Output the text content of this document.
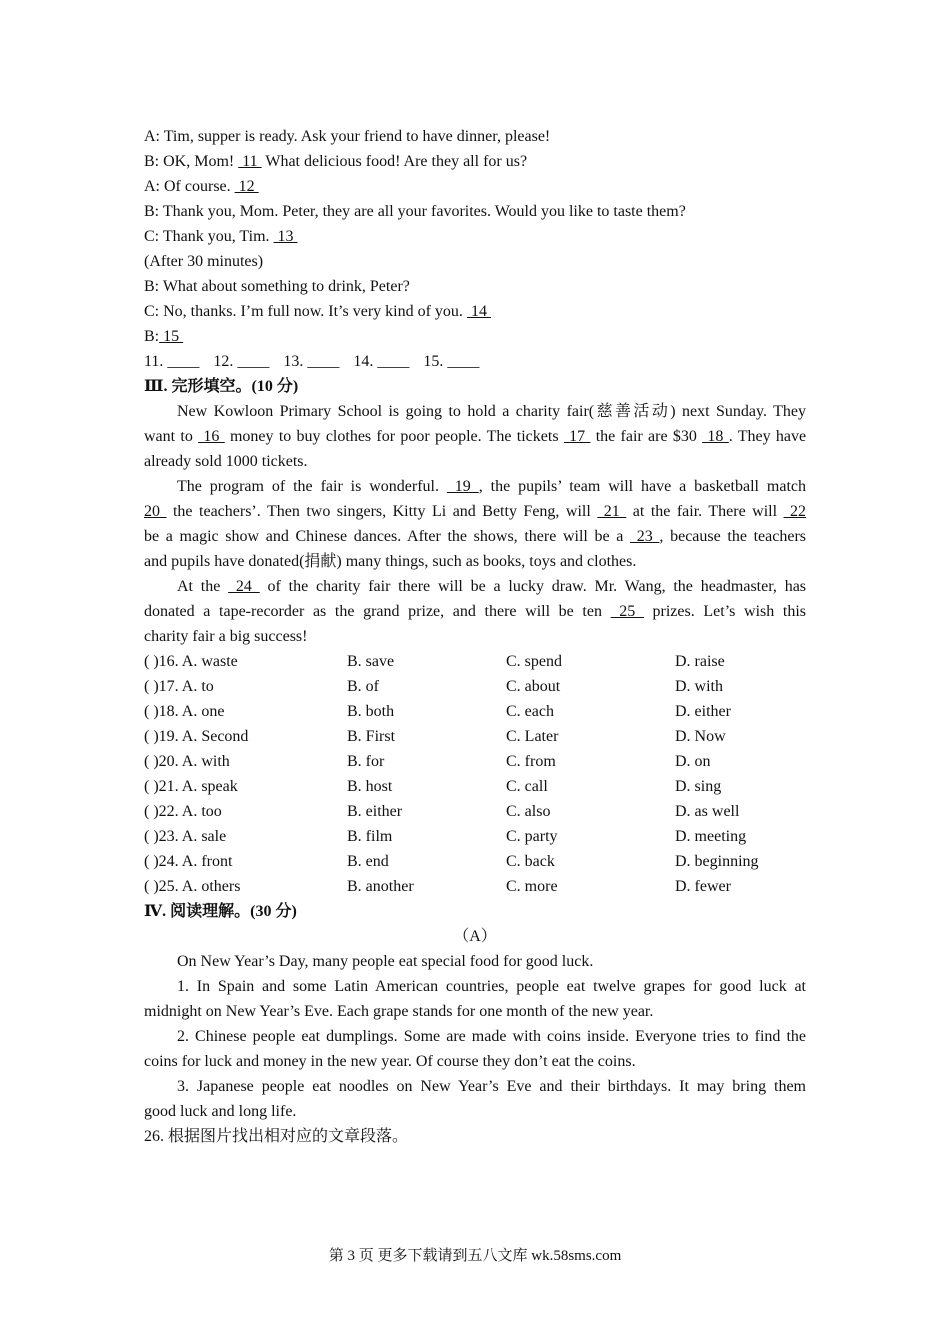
A: Tim, supper is ready. Ask your friend to have dinner, please!
B: OK, Mom!  11  What delicious food! Are they all for us?
A: Of course.  12
B: Thank you, Mom. Peter, they are all your favorites. Would you like to taste them?
C: Thank you, Tim.  13
(After 30 minutes)
B: What about something to drink, Peter?
C: No, thanks. I’m full now. It’s very kind of you.  14
B: 15
11. ____ 12. ____ 13. ____ 14. ____ 15. ____
Ⅲ. 完形填空。(10 分)
New Kowloon Primary School is going to hold a charity fair(慈善活动) next Sunday. They
want to  16  money to buy clothes for poor people. The tickets  17  the fair are $30  18 . They have
already sold 1000 tickets.
The program of the fair is wonderful.  19 , the pupils’ team will have a basketball match
20  the teachers’. Then two singers, Kitty Li and Betty Feng, will  21  at the fair. There will  22
be a magic show and Chinese dances. After the shows, there will be a  23 , because the teachers
and pupils have donated(捐献) many things, such as books, toys and clothes.
At the  24  of the charity fair there will be a lucky draw. Mr. Wang, the headmaster, has
donated a tape-recorder as the grand prize, and there will be ten  25  prizes. Let’s wish this
charity fair a big success!
( )16. A. waste	B. save	C. spend	D. raise
( )17. A. to	B. of	C. about	D. with
( )18. A. one	B. both	C. each	D. either
( )19. A. Second	B. First	C. Later	D. Now
( )20. A. with	B. for	C. from	D. on
( )21. A. speak	B. host	C. call	D. sing
( )22. A. too	B. either	C. also	D. as well
( )23. A. sale	B. film	C. party	D. meeting
( )24. A. front	B. end	C. back	D. beginning
( )25. A. others	B. another	C. more	D. fewer
Ⅳ. 阅读理解。(30 分)
（A）
On New Year’s Day, many people eat special food for good luck.
1. In Spain and some Latin American countries, people eat twelve grapes for good luck at
midnight on New Year’s Eve. Each grape stands for one month of the new year.
2. Chinese people eat dumplings. Some are made with coins inside. Everyone tries to find the
coins for luck and money in the new year. Of course they don’t eat the coins.
3. Japanese people eat noodles on New Year’s Eve and their birthdays. It may bring them
good luck and long life.
26. 根据图片找出相对应的文章段落。
第 3 页 更多下载请到五八文库 wk.58sms.com
